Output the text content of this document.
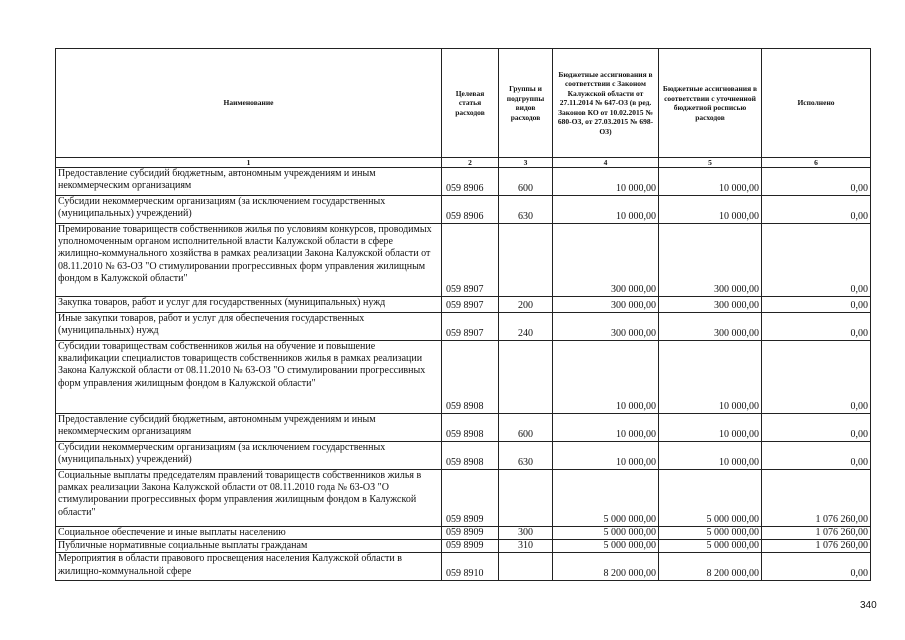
Наименование	Целевая статья расходов	Группы и подгруппы видов расходов	Бюджетные ассигнования в соответствии с Законом Калужской области от 27.11.2014 № 647-ОЗ (в ред. Законов КО от 10.02.2015 № 680-ОЗ, от 27.03.2015 № 698-ОЗ)	Бюджетные ассигнования в соответствии с уточненной бюджетной росписью расходов	Исполнено
1	2	3	4	5	6
Предоставление субсидий бюджетным, автономным учреждениям и иным некоммерческим организациям	059 8906	600	10 000,00	10 000,00	0,00
Субсидии некоммерческим организациям (за исключением государственных (муниципальных) учреждений)	059 8906	630	10 000,00	10 000,00	0,00
Премирование товариществ собственников жилья по условиям конкурсов, проводимых уполномоченным органом исполнительной власти Калужской области в сфере жилищно-коммунального хозяйства в рамках реализации Закона Калужской области от 08.11.2010 № 63-ОЗ "О стимулировании прогрессивных форм управления жилищным фондом в Калужской области"	059 8907		300 000,00	300 000,00	0,00
Закупка товаров, работ и услуг для государственных (муниципальных) нужд	059 8907	200	300 000,00	300 000,00	0,00
Иные закупки товаров, работ и услуг для обеспечения государственных (муниципальных) нужд	059 8907	240	300 000,00	300 000,00	0,00
Субсидии товариществам собственников жилья на обучение и повышение квалификации специалистов товариществ собственников жилья в рамках реализации Закона Калужской области от 08.11.2010 № 63-ОЗ "О стимулировании прогрессивных форм управления жилищным фондом в Калужской области"	059 8908		10 000,00	10 000,00	0,00
Предоставление субсидий бюджетным, автономным учреждениям и иным некоммерческим организациям	059 8908	600	10 000,00	10 000,00	0,00
Субсидии некоммерческим организациям (за исключением государственных (муниципальных) учреждений)	059 8908	630	10 000,00	10 000,00	0,00
Социальные выплаты председателям правлений товариществ собственников жилья в рамках реализации Закона Калужской области от 08.11.2010 года № 63-ОЗ "О стимулировании прогрессивных форм управления жилищным фондом в Калужской области"	059 8909		5 000 000,00	5 000 000,00	1 076 260,00
Социальное обеспечение и иные выплаты населению	059 8909	300	5 000 000,00	5 000 000,00	1 076 260,00
Публичные нормативные социальные выплаты гражданам	059 8909	310	5 000 000,00	5 000 000,00	1 076 260,00
Мероприятия в области правового просвещения населения Калужской области в жилищно-коммунальной сфере	059 8910		8 200 000,00	8 200 000,00	0,00
340
